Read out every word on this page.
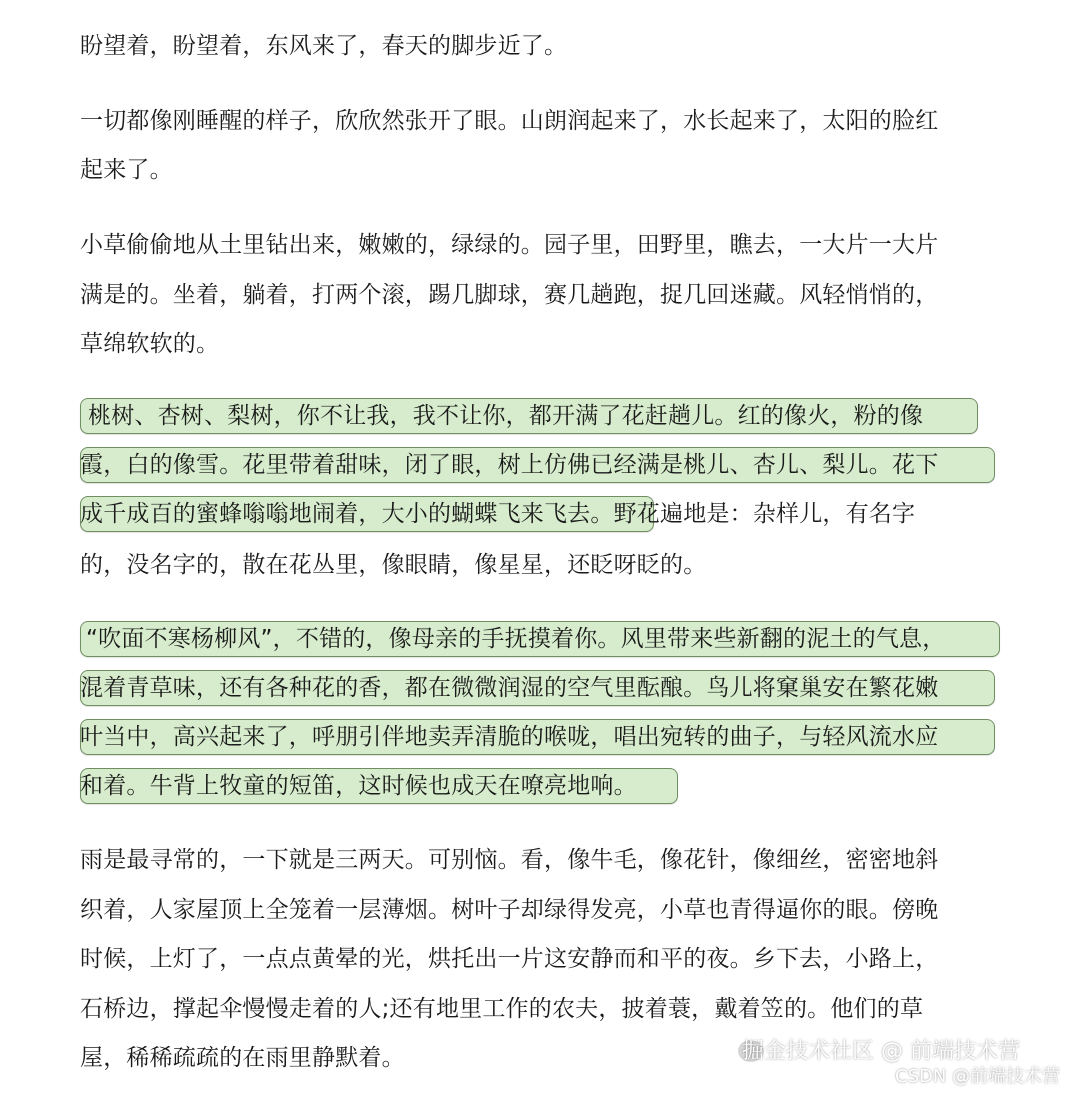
盼望着，盼望着，东风来了，春天的脚步近了。
一切都像刚睡醒的样子，欣欣然张开了眼。山朗润起来了，水长起来了，太阳的脸红
起来了。
小草偷偷地从土里钻出来，嫩嫩的，绿绿的。园子里，田野里，瞧去，一大片一大片
满是的。坐着，躺着，打两个滚，踢几脚球，赛几趟跑，捉几回迷藏。风轻悄悄的，
草绵软软的。
桃树、杏树、梨树，你不让我，我不让你，都开满了花赶趟儿。红的像火，粉的像
霞，白的像雪。花里带着甜味，闭了眼，树上仿佛已经满是桃儿、杏儿、梨儿。花下
成千成百的蜜蜂嗡嗡地闹着，大小的蝴蝶飞来飞去。野花遍地是：杂样儿，有名字
的，没名字的，散在花丛里，像眼睛，像星星，还眨呀眨的。
“吹面不寒杨柳风”，不错的，像母亲的手抚摸着你。风里带来些新翻的泥土的气息，
混着青草味，还有各种花的香，都在微微润湿的空气里酝酿。鸟儿将窠巢安在繁花嫩
叶当中，高兴起来了，呼朋引伴地卖弄清脆的喉咙，唱出宛转的曲子，与轻风流水应
和着。牛背上牧童的短笛，这时候也成天在嘹亮地响。
雨是最寻常的，一下就是三两天。可别恼。看，像牛毛，像花针，像细丝，密密地斜
织着，人家屋顶上全笼着一层薄烟。树叶子却绿得发亮，小草也青得逼你的眼。傍晚
时候，上灯了，一点点黄晕的光，烘托出一片这安静而和平的夜。乡下去，小路上，
石桥边，撑起伞慢慢走着的人;还有地里工作的农夫，披着蓑，戴着笠的。他们的草
屋，稀稀疏疏的在雨里静默着。	掘金技术社区 @ 前端技术营
CSDN @前端技术营
